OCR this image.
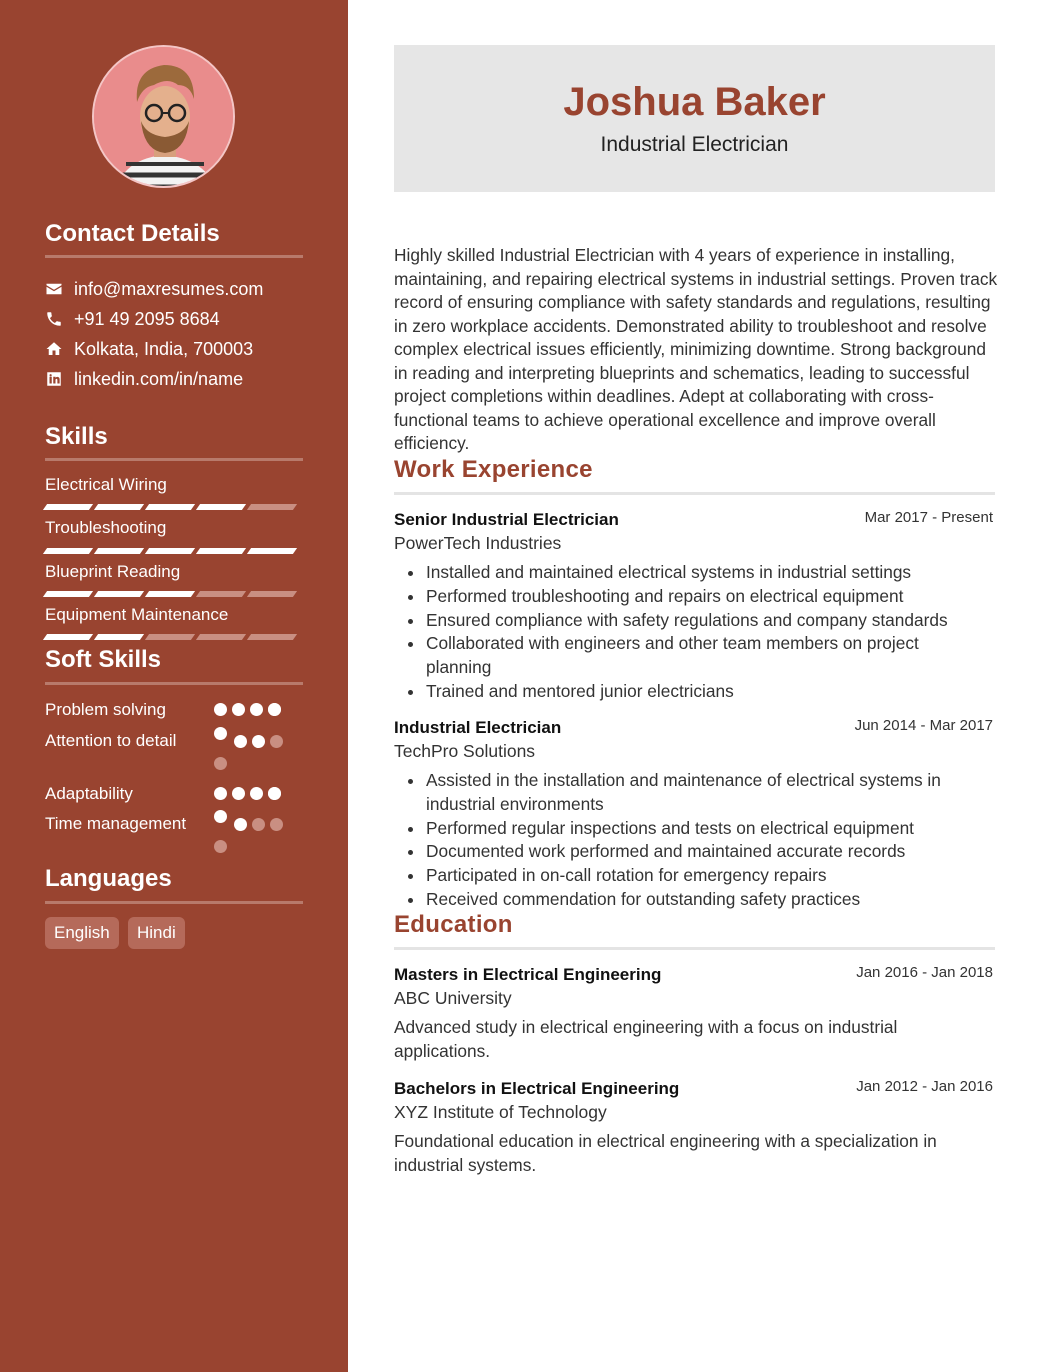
Contact Details
info@maxresumes.com
+91 49 2095 8684
Kolkata, India, 700003
linkedin.com/in/name
Skills
Electrical Wiring
Troubleshooting
Blueprint Reading
Equipment Maintenance
Soft Skills
Problem solving
Attention to detail
Adaptability
Time management
Languages
English	Hindi
Joshua Baker
Industrial Electrician

Highly skilled Industrial Electrician with 4 years of experience in installing, maintaining, and repairing electrical systems in industrial settings. Proven track record of ensuring compliance with safety standards and regulations, resulting in zero workplace accidents. Demonstrated ability to troubleshoot and resolve complex electrical issues efficiently, minimizing downtime. Strong background in reading and interpreting blueprints and schematics, leading to successful project completions within deadlines. Adept at collaborating with cross-functional teams to achieve operational excellence and improve overall efficiency.

Work Experience
Senior Industrial Electrician	Mar 2017 - Present
PowerTech Industries
Installed and maintained electrical systems in industrial settings
Performed troubleshooting and repairs on electrical equipment
Ensured compliance with safety regulations and company standards
Collaborated with engineers and other team members on project planning
Trained and mentored junior electricians
Industrial Electrician	Jun 2014 - Mar 2017
TechPro Solutions
Assisted in the installation and maintenance of electrical systems in industrial environments
Performed regular inspections and tests on electrical equipment
Documented work performed and maintained accurate records
Participated in on-call rotation for emergency repairs
Received commendation for outstanding safety practices
Education
Masters in Electrical Engineering	Jan 2016 - Jan 2018
ABC University

Advanced study in electrical engineering with a focus on industrial applications.

Bachelors in Electrical Engineering	Jan 2012 - Jan 2016
XYZ Institute of Technology

Foundational education in electrical engineering with a specialization in industrial systems.
